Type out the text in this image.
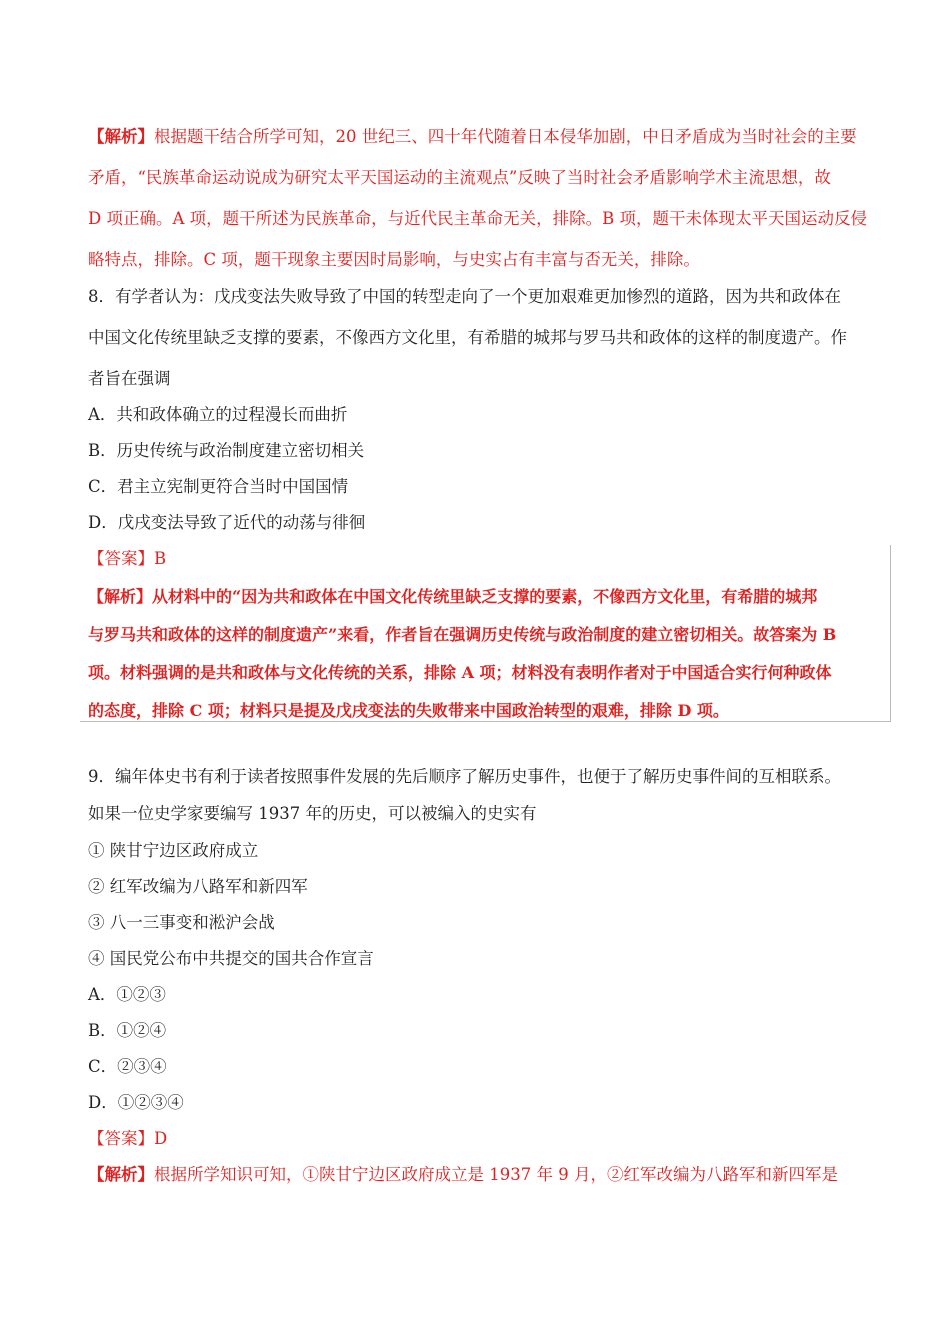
【解析】根据题干结合所学可知，20 世纪三、四十年代随着日本侵华加剧，中日矛盾成为当时社会的主要
矛盾，“民族革命运动说成为研究太平天国运动的主流观点”反映了当时社会矛盾影响学术主流思想，故
D 项正确。A 项，题干所述为民族革命，与近代民主革命无关，排除。B 项，题干未体现太平天国运动反侵
略特点，排除。C 项，题干现象主要因时局影响，与史实占有丰富与否无关，排除。
8．有学者认为：戊戌变法失败导致了中国的转型走向了一个更加艰难更加惨烈的道路，因为共和政体在
中国文化传统里缺乏支撑的要素，不像西方文化里，有希腊的城邦与罗马共和政体的这样的制度遗产。作
者旨在强调
A．共和政体确立的过程漫长而曲折
B．历史传统与政治制度建立密切相关
C．君主立宪制更符合当时中国国情
D．戊戌变法导致了近代的动荡与徘徊
【答案】B
【解析】从材料中的“因为共和政体在中国文化传统里缺乏支撑的要素，不像西方文化里，有希腊的城邦
与罗马共和政体的这样的制度遗产”来看，作者旨在强调历史传统与政治制度的建立密切相关。故答案为 B
项。材料强调的是共和政体与文化传统的关系，排除 A 项；材料没有表明作者对于中国适合实行何种政体
的态度，排除 C 项；材料只是提及戊戌变法的失败带来中国政治转型的艰难，排除 D 项。
9．编年体史书有利于读者按照事件发展的先后顺序了解历史事件，也便于了解历史事件间的互相联系。
如果一位史学家要编写 1937 年的历史，可以被编入的史实有
① 陕甘宁边区政府成立
② 红军改编为八路军和新四军
③ 八一三事变和淞沪会战
④ 国民党公布中共提交的国共合作宣言
A．①②③
B．①②④
C．②③④
D．①②③④
【答案】D
【解析】根据所学知识可知，①陕甘宁边区政府成立是 1937 年 9 月，②红军改编为八路军和新四军是
